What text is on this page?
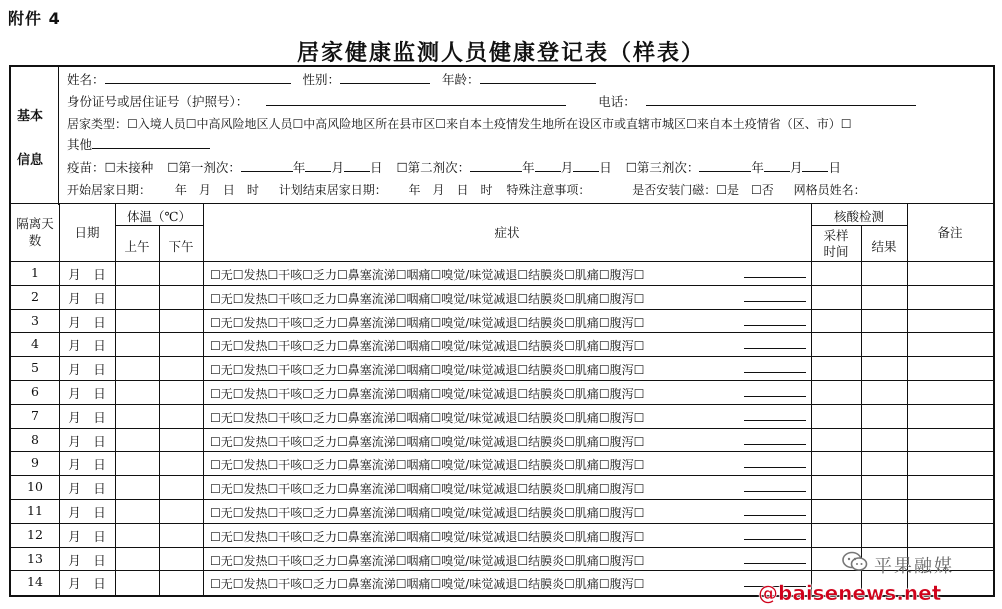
附件 4
居家健康监测人员健康登记表（样表）
基本
信息
姓名：	性别：	年龄：
身份证号或居住证号（护照号）：	电话：
居家类型：☐入境人员☐中高风险地区人员☐中高风险地区所在县市区☐来自本土疫情发生地所在设区市或直辖市城区☐来自本土疫情省（区、市）☐
其他
疫苗：☐未接种 ☐第一剂次：	年 月 日 ☐第二剂次：	年 月 日 ☐第三剂次：	年 月 日
开始居家日期： 年　月　日　时 计划结束居家日期： 年　月　日　时 特殊注意事项：	是否安装门磁：☐是　☐否 网格员姓名：
隔离天数
日期
体温（℃）
上午	下午
症状
核酸检测
采样时间	结果
备注
1	月　日	☐无☐发热☐干咳☐乏力☐鼻塞流涕☐咽痛☐嗅觉/味觉减退☐结膜炎☐肌痛☐腹泻☐
2	月　日	☐无☐发热☐干咳☐乏力☐鼻塞流涕☐咽痛☐嗅觉/味觉减退☐结膜炎☐肌痛☐腹泻☐
3	月　日	☐无☐发热☐干咳☐乏力☐鼻塞流涕☐咽痛☐嗅觉/味觉减退☐结膜炎☐肌痛☐腹泻☐
4	月　日	☐无☐发热☐干咳☐乏力☐鼻塞流涕☐咽痛☐嗅觉/味觉减退☐结膜炎☐肌痛☐腹泻☐
5	月　日	☐无☐发热☐干咳☐乏力☐鼻塞流涕☐咽痛☐嗅觉/味觉减退☐结膜炎☐肌痛☐腹泻☐
6	月　日	☐无☐发热☐干咳☐乏力☐鼻塞流涕☐咽痛☐嗅觉/味觉减退☐结膜炎☐肌痛☐腹泻☐
7	月　日	☐无☐发热☐干咳☐乏力☐鼻塞流涕☐咽痛☐嗅觉/味觉减退☐结膜炎☐肌痛☐腹泻☐
8	月　日	☐无☐发热☐干咳☐乏力☐鼻塞流涕☐咽痛☐嗅觉/味觉减退☐结膜炎☐肌痛☐腹泻☐
9	月　日	☐无☐发热☐干咳☐乏力☐鼻塞流涕☐咽痛☐嗅觉/味觉减退☐结膜炎☐肌痛☐腹泻☐
10	月　日	☐无☐发热☐干咳☐乏力☐鼻塞流涕☐咽痛☐嗅觉/味觉减退☐结膜炎☐肌痛☐腹泻☐
11	月　日	☐无☐发热☐干咳☐乏力☐鼻塞流涕☐咽痛☐嗅觉/味觉减退☐结膜炎☐肌痛☐腹泻☐
12	月　日	☐无☐发热☐干咳☐乏力☐鼻塞流涕☐咽痛☐嗅觉/味觉减退☐结膜炎☐肌痛☐腹泻☐
13	月　日	☐无☐发热☐干咳☐乏力☐鼻塞流涕☐咽痛☐嗅觉/味觉减退☐结膜炎☐肌痛☐腹泻☐
14	月　日	☐无☐发热☐干咳☐乏力☐鼻塞流涕☐咽痛☐嗅觉/味觉减退☐结膜炎☐肌痛☐腹泻☐
平果融媒
@baisenews.net
